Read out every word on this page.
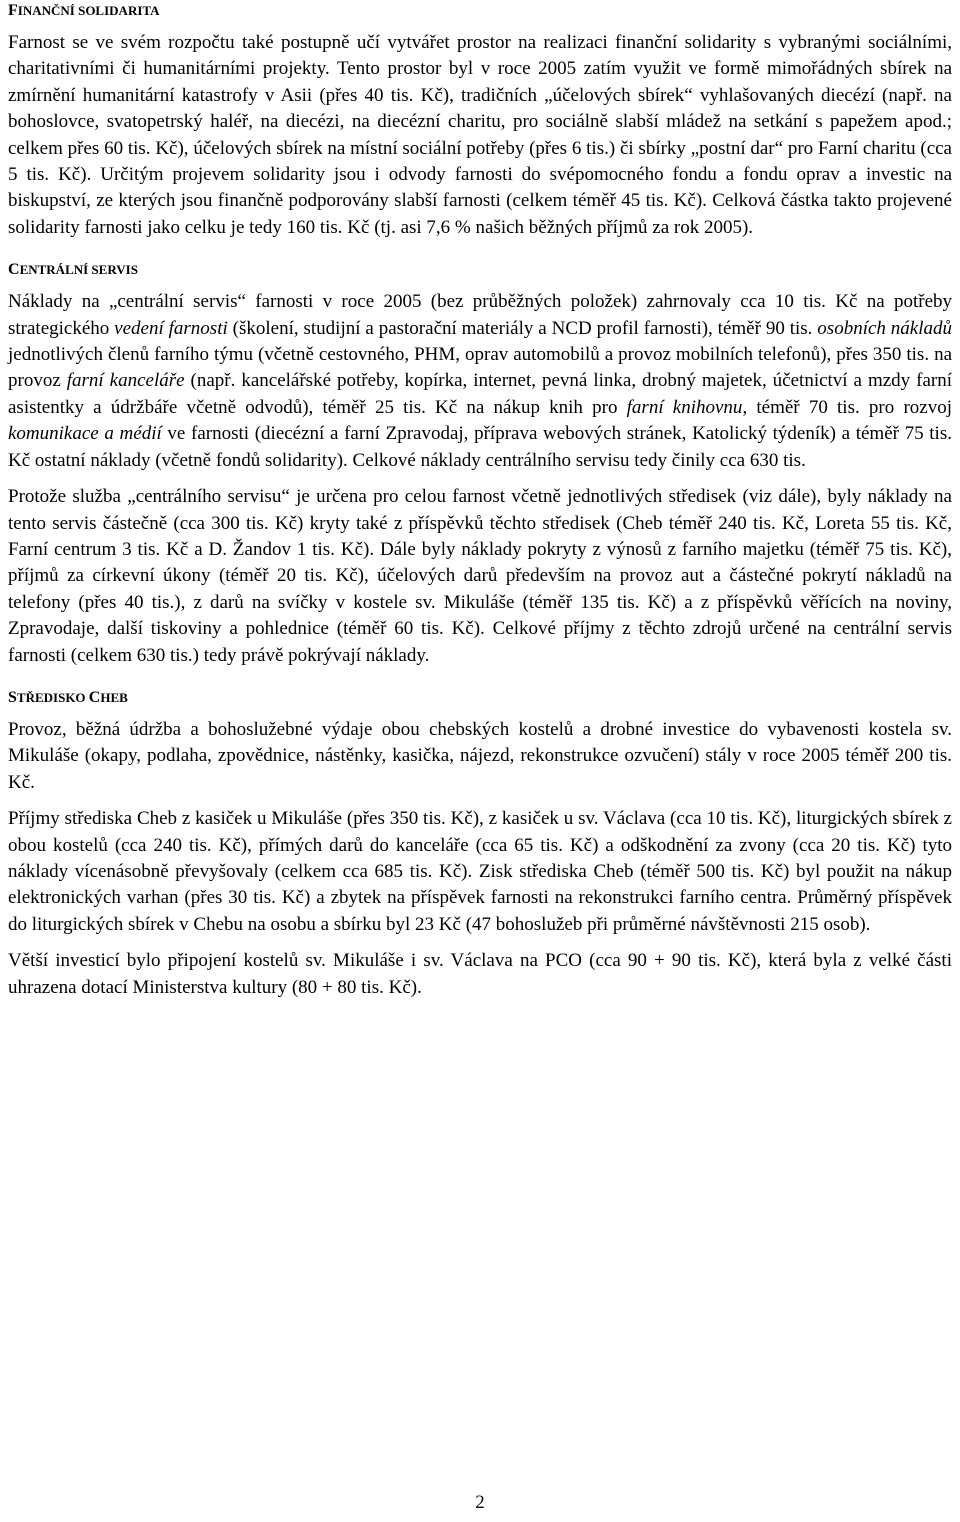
FINANČNÍ SOLIDARITA

Farnost se ve svém rozpočtu také postupně učí vytvářet prostor na realizaci finanční solidarity s vybranými sociálními, charitativními či humanitárními projekty. Tento prostor byl v roce 2005 zatím využit ve formě mimořádných sbírek na zmírnění humanitární katastrofy v Asii (přes 40 tis. Kč), tradičních „účelových sbírek“ vyhlašovaných diecézí (např. na bohoslovce, svatopetrský haléř, na diecézi, na diecézní charitu, pro sociálně slabší mládež na setkání s papežem apod.; celkem přes 60 tis. Kč), účelových sbírek na místní sociální potřeby (přes 6 tis.) či sbírky „postní dar“ pro Farní charitu (cca 5 tis. Kč). Určitým projevem solidarity jsou i odvody farnosti do svépomocného fondu a fondu oprav a investic na biskupství, ze kterých jsou finančně podporovány slabší farnosti (celkem téměř 45 tis. Kč). Celková částka takto projevené solidarity farnosti jako celku je tedy 160 tis. Kč (tj. asi 7,6 % našich běžných příjmů za rok 2005).

CENTRÁLNÍ SERVIS

Náklady na „centrální servis“ farnosti v roce 2005 (bez průběžných položek) zahrnovaly cca 10 tis. Kč na potřeby strategického vedení farnosti (školení, studijní a pastorační materiály a NCD profil farnosti), téměř 90 tis. osobních nákladů jednotlivých členů farního týmu (včetně cestovného, PHM, oprav automobilů a provoz mobilních telefonů), přes 350 tis. na provoz farní kanceláře (např. kancelářské potřeby, kopírka, internet, pevná linka, drobný majetek, účetnictví a mzdy farní asistentky a údržbáře včetně odvodů), téměř 25 tis. Kč na nákup knih pro farní knihovnu, téměř 70 tis. pro rozvoj komunikace a médií ve farnosti (diecézní a farní Zpravodaj, příprava webových stránek, Katolický týdeník) a téměř 75 tis. Kč ostatní náklady (včetně fondů solidarity). Celkové náklady centrálního servisu tedy činily cca 630 tis.

Protože služba „centrálního servisu“ je určena pro celou farnost včetně jednotlivých středisek (viz dále), byly náklady na tento servis částečně (cca 300 tis. Kč) kryty také z příspěvků těchto středisek (Cheb téměř 240 tis. Kč, Loreta 55 tis. Kč, Farní centrum 3 tis. Kč a D. Žandov 1 tis. Kč). Dále byly náklady pokryty z výnosů z farního majetku (téměř 75 tis. Kč), příjmů za církevní úkony (téměř 20 tis. Kč), účelových darů především na provoz aut a částečné pokrytí nákladů na telefony (přes 40 tis.), z darů na svíčky v kostele sv. Mikuláše (téměř 135 tis. Kč) a z příspěvků věřících na noviny, Zpravodaje, další tiskoviny a pohlednice (téměř 60 tis. Kč). Celkové příjmy z těchto zdrojů určené na centrální servis farnosti (celkem 630 tis.) tedy právě pokrývají náklady.

STŘEDISKO CHEB

Provoz, běžná údržba a bohoslužebné výdaje obou chebských kostelů a drobné investice do vybavenosti kostela sv. Mikuláše (okapy, podlaha, zpovědnice, nástěnky, kasička, nájezd, rekonstrukce ozvučení) stály v roce 2005 téměř 200 tis. Kč.

Příjmy střediska Cheb z kasiček u Mikuláše (přes 350 tis. Kč), z kasiček u sv. Václava (cca 10 tis. Kč), liturgických sbírek z obou kostelů (cca 240 tis. Kč), přímých darů do kanceláře (cca 65 tis. Kč) a odškodnění za zvony (cca 20 tis. Kč) tyto náklady vícenásobně převyšovaly (celkem cca 685 tis. Kč). Zisk střediska Cheb (téměř 500 tis. Kč) byl použit na nákup elektronických varhan (přes 30 tis. Kč) a zbytek na příspěvek farnosti na rekonstrukci farního centra. Průměrný příspěvek do liturgických sbírek v Chebu na osobu a sbírku byl 23 Kč (47 bohoslužeb při průměrné návštěvnosti 215 osob).

Větší investicí bylo připojení kostelů sv. Mikuláše i sv. Václava na PCO (cca 90 + 90 tis. Kč), která byla z velké části uhrazena dotací Ministerstva kultury (80 + 80 tis. Kč).

2
